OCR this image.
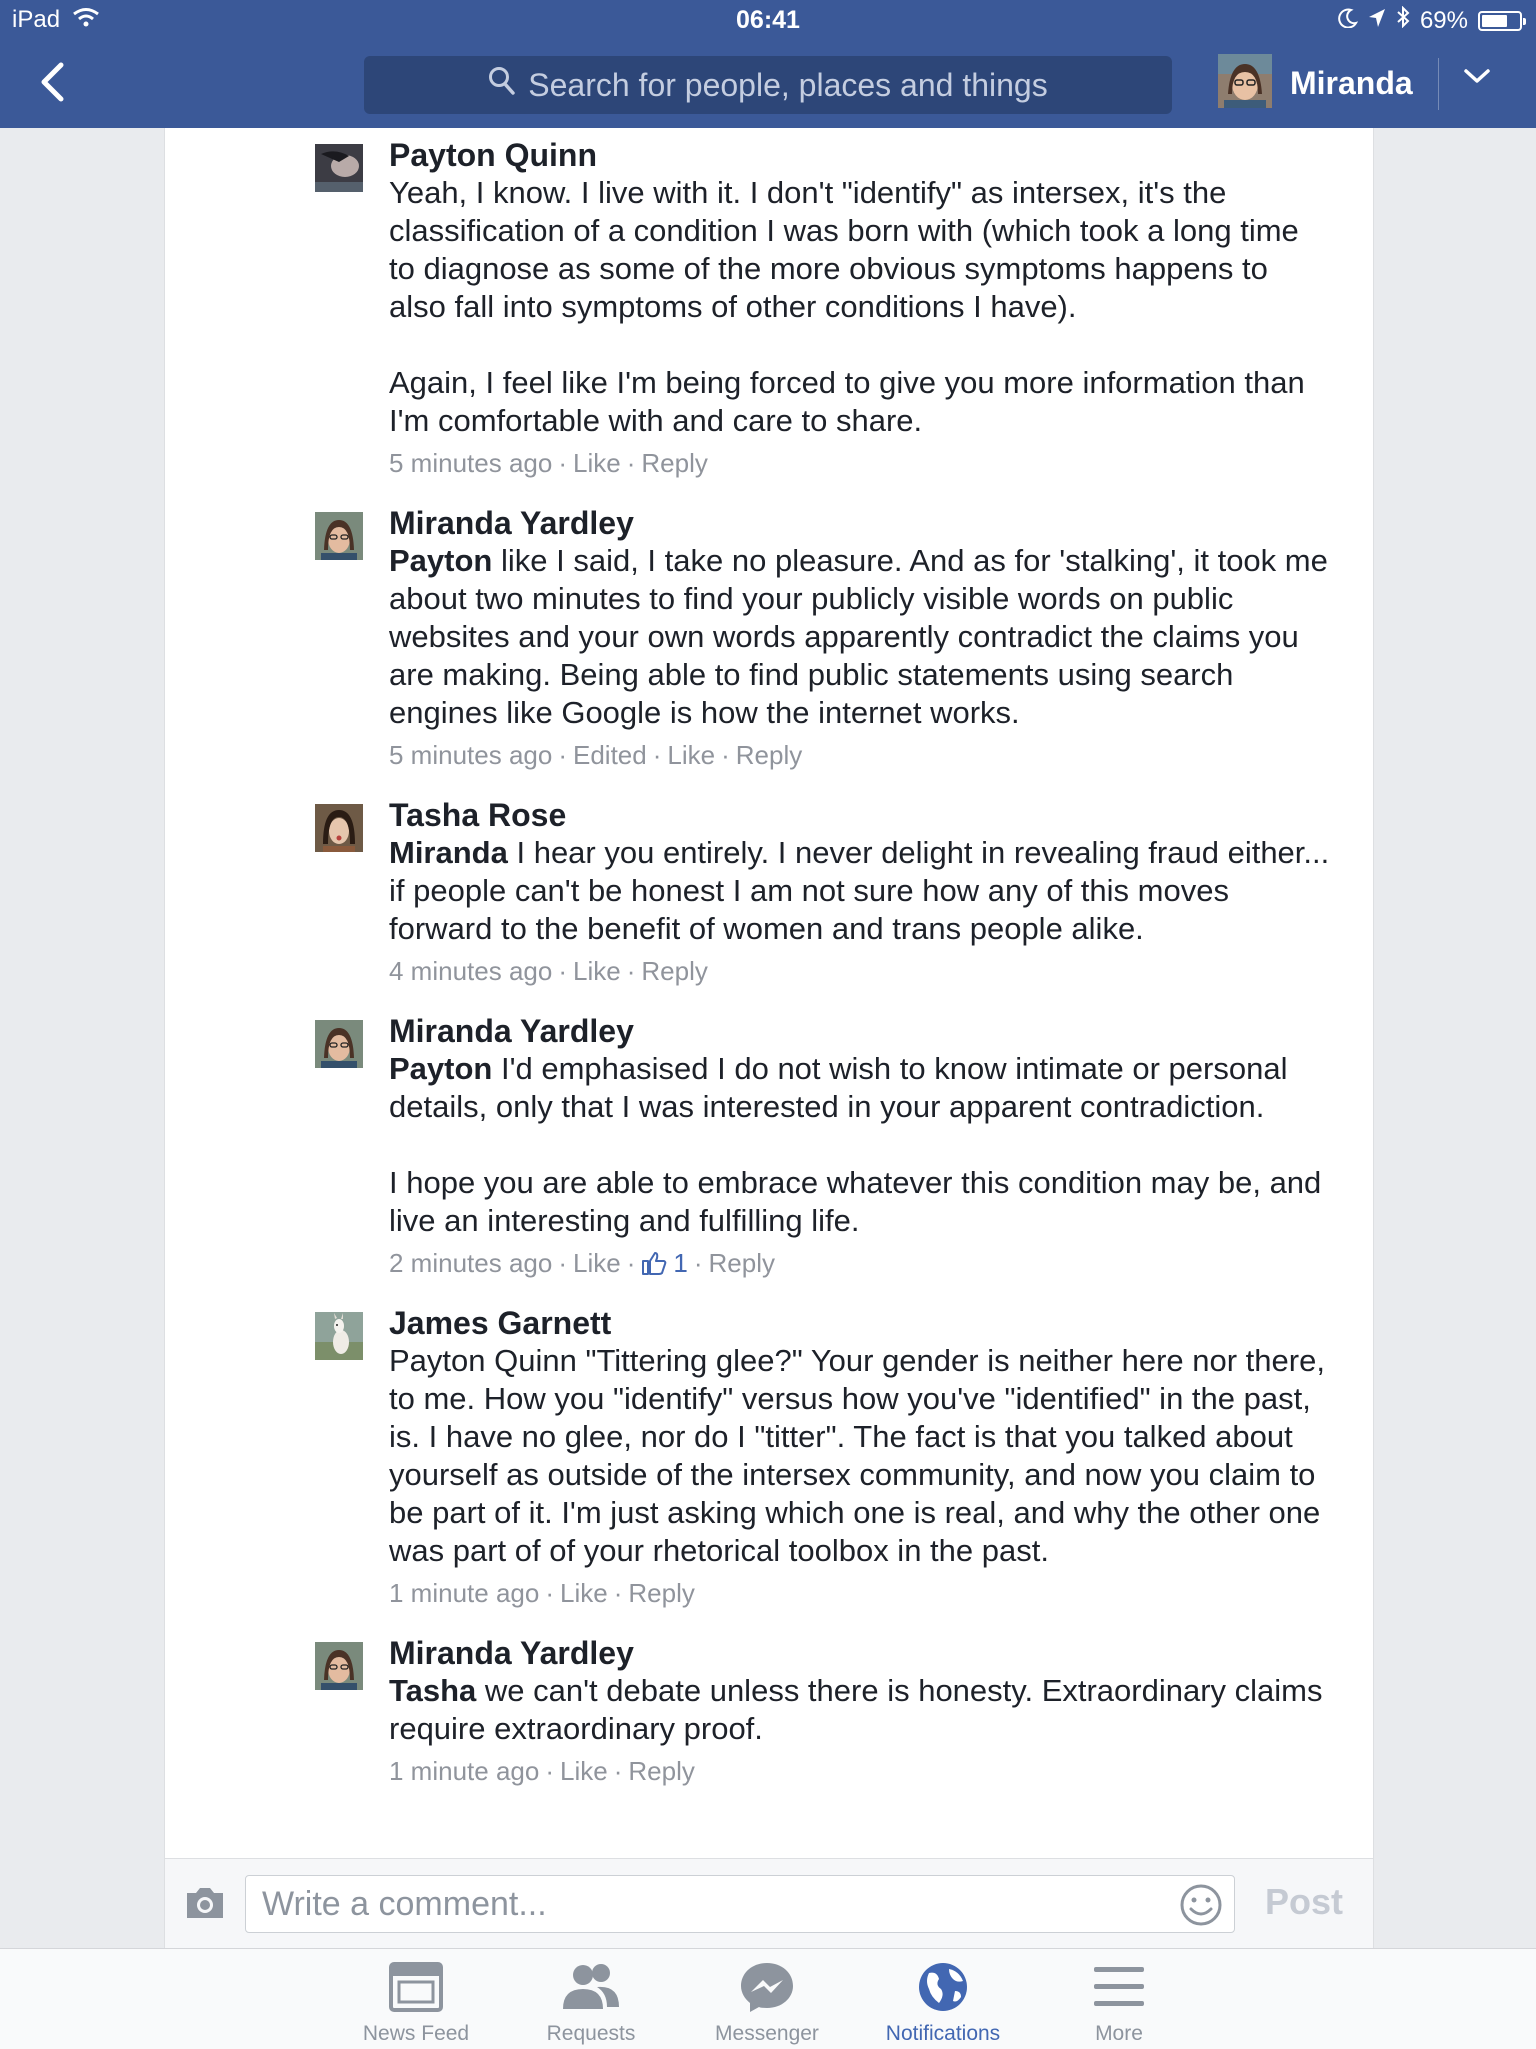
iPad	06:41	69%
Search for people, places and things	Miranda
Payton Quinn

Yeah, I know. I live with it. I don't "identify" as intersex, it's the classification of a condition I was born with (which took a long time to diagnose as some of the more obvious symptoms happens to also fall into symptoms of other conditions I have).

Again, I feel like I'm being forced to give you more information than I'm comfortable with and care to share.

5 minutes ago · Like · Reply
Miranda Yardley

Payton like I said, I take no pleasure. And as for 'stalking', it took me about two minutes to find your publicly visible words on public websites and your own words apparently contradict the claims you are making. Being able to find public statements using search engines like Google is how the internet works.

5 minutes ago · Edited · Like · Reply
Tasha Rose

Miranda I hear you entirely. I never delight in revealing fraud either... if people can't be honest I am not sure how any of this moves forward to the benefit of women and trans people alike.

4 minutes ago · Like · Reply
Miranda Yardley

Payton I'd emphasised I do not wish to know intimate or personal details, only that I was interested in your apparent contradiction.

I hope you are able to embrace whatever this condition may be, and live an interesting and fulfilling life.

2 minutes ago · Like · 1 · Reply
James Garnett

Payton Quinn "Tittering glee?" Your gender is neither here nor there, to me. How you "identify" versus how you've "identified" in the past, is. I have no glee, nor do I "titter". The fact is that you talked about yourself as outside of the intersex community, and now you claim to be part of it. I'm just asking which one is real, and why the other one was part of of your rhetorical toolbox in the past.

1 minute ago · Like · Reply
Miranda Yardley

Tasha we can't debate unless there is honesty. Extraordinary claims require extraordinary proof.

1 minute ago · Like · Reply
Write a comment...	Post
News Feed	Requests	Messenger	Notifications	More
